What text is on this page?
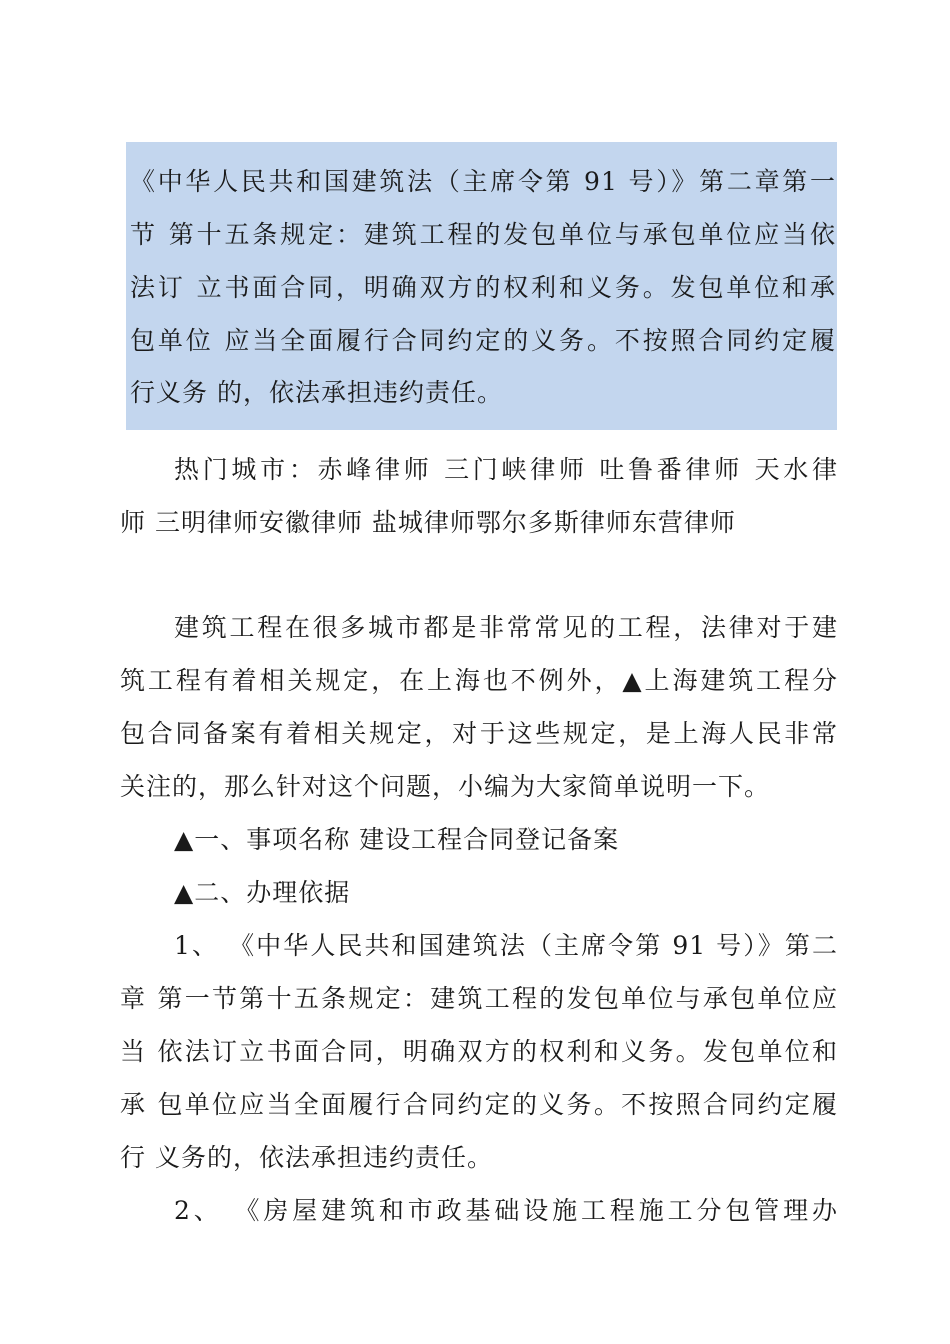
《中华人民共和国建筑法（主席令第 91 号）》第二章第一
节 第十五条规定：建筑工程的发包单位与承包单位应当依
法订 立书面合同，明确双方的权利和义务。发包单位和承
包单位 应当全面履行合同约定的义务。不按照合同约定履
行义务 的，依法承担违约责任。
热门城市：赤峰律师 三门峡律师 吐鲁番律师 天水律
师 三明律师安徽律师 盐城律师鄂尔多斯律师东营律师
建筑工程在很多城市都是非常常见的工程，法律对于建
筑工程有着相关规定，在上海也不例外，▲上海建筑工程分
包合同备案有着相关规定，对于这些规定，是上海人民非常
关注的，那么针对这个问题，小编为大家简单说明一下。
▲一、事项名称 建设工程合同登记备案
▲二、办理依据
1、 《中华人民共和国建筑法（主席令第 91 号）》第二
章 第一节第十五条规定：建筑工程的发包单位与承包单位应
当 依法订立书面合同，明确双方的权利和义务。发包单位和
承 包单位应当全面履行合同约定的义务。不按照合同约定履
行 义务的，依法承担违约责任。
2、 《房屋建筑和市政基础设施工程施工分包管理办
